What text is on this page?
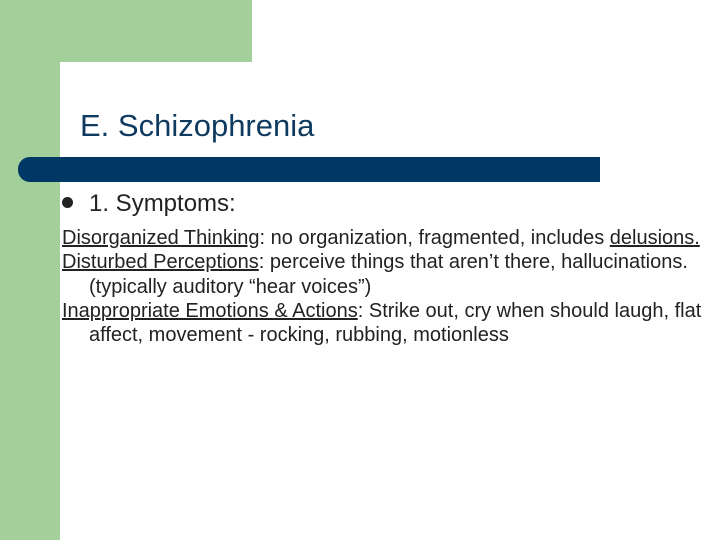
E. Schizophrenia
1. Symptoms:

Disorganized Thinking: no organization, fragmented, includes delusions.

Disturbed Perceptions: perceive things that aren’t there, hallucinations.

(typically auditory “hear voices”)

Inappropriate Emotions & Actions: Strike out, cry when should laugh, flat affect, movement - rocking, rubbing, motionless
